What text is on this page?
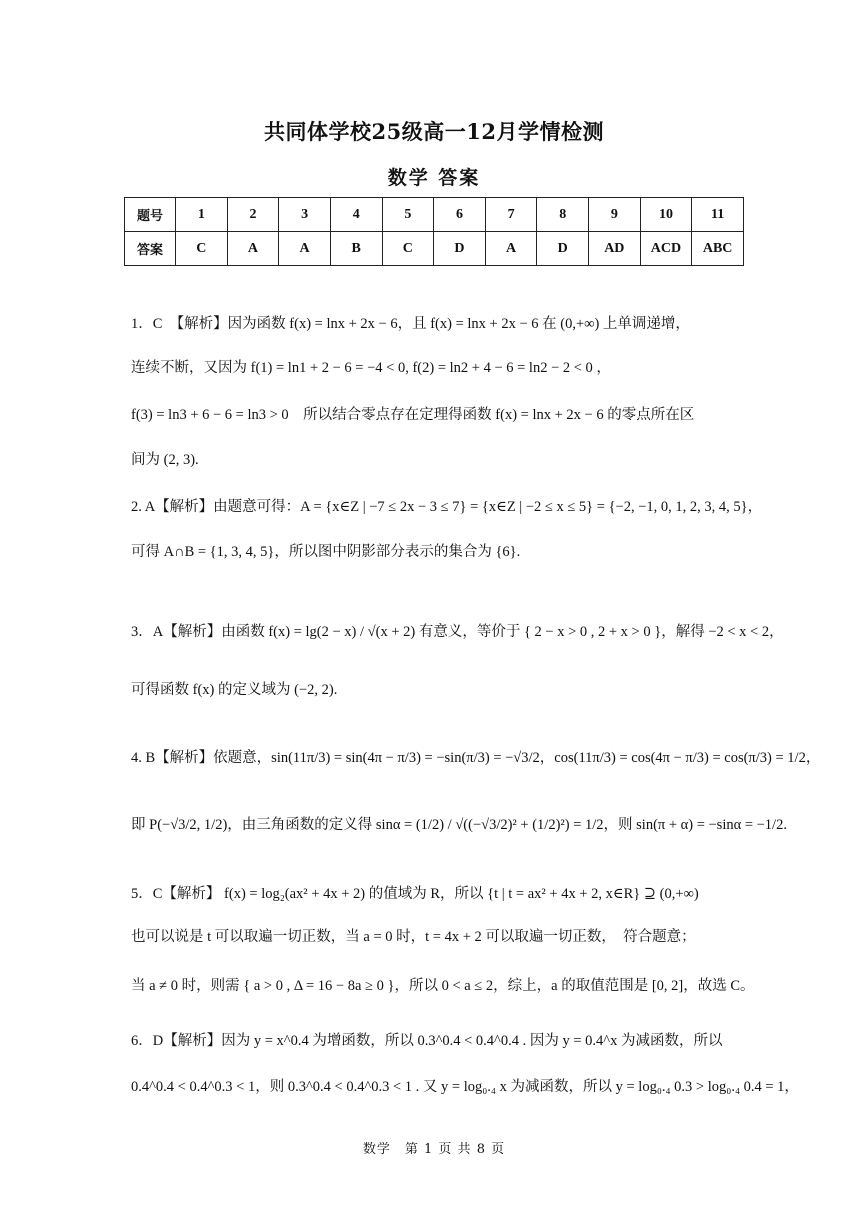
共同体学校25级高一12月学情检测
数学 答案
题号	1	2	3	4	5	6	7	8	9	10	11
答案	C	A	A	B	C	D	A	D	AD	ACD	ABC
1．C　【解析】因为函数 f(x) = lnx + 2x − 6，且 f(x) = lnx + 2x − 6 在 (0,+∞) 上单调递增，
连续不断，又因为 f(1) = ln1 + 2 − 6 = −4 < 0, f(2) = ln2 + 4 − 6 = ln2 − 2 < 0 ，
f(3) = ln3 + 6 − 6 = ln3 > 0　所以结合零点存在定理得函数 f(x) = lnx + 2x − 6 的零点所在区
间为 (2, 3).
2. A【解析】由题意可得：A = {x∈Z | −7 ≤ 2x − 3 ≤ 7} = {x∈Z | −2 ≤ x ≤ 5} = {−2, −1, 0, 1, 2, 3, 4, 5}，
可得 A∩B = {1, 3, 4, 5}，所以图中阴影部分表示的集合为 {6}.
3．A【解析】由函数 f(x) = lg(2 − x) / √(x + 2) 有意义，等价于 { 2 − x > 0 , 2 + x > 0 }，解得 −2 < x < 2，
可得函数 f(x) 的定义域为 (−2, 2).
4. B【解析】依题意，sin(11π/3) = sin(4π − π/3) = −sin(π/3) = −√3/2，cos(11π/3) = cos(4π − π/3) = cos(π/3) = 1/2，
即 P(−√3/2, 1/2)，由三角函数的定义得 sinα = (1/2) / √((−√3/2)² + (1/2)²) = 1/2，则 sin(π + α) = −sinα = −1/2.
5．C【解析】 f(x) = log₂(ax² + 4x + 2) 的值域为 R，所以 {t | t = ax² + 4x + 2, x∈R} ⊇ (0,+∞)
也可以说是 t 可以取遍一切正数，当 a = 0 时，t = 4x + 2 可以取遍一切正数，　符合题意；
当 a ≠ 0 时，则需 { a > 0 , Δ = 16 − 8a ≥ 0 }，所以 0 < a ≤ 2，综上，a 的取值范围是 [0, 2]，故选 C。
6．D【解析】因为 y = x^0.4 为增函数，所以 0.3^0.4 < 0.4^0.4 . 因为 y = 0.4^x 为减函数，所以
0.4^0.4 < 0.4^0.3 < 1，则 0.3^0.4 < 0.4^0.3 < 1 . 又 y = log₀.₄ x 为减函数，所以 y = log₀.₄ 0.3 > log₀.₄ 0.4 = 1，
数学　第 1 页 共 8 页
